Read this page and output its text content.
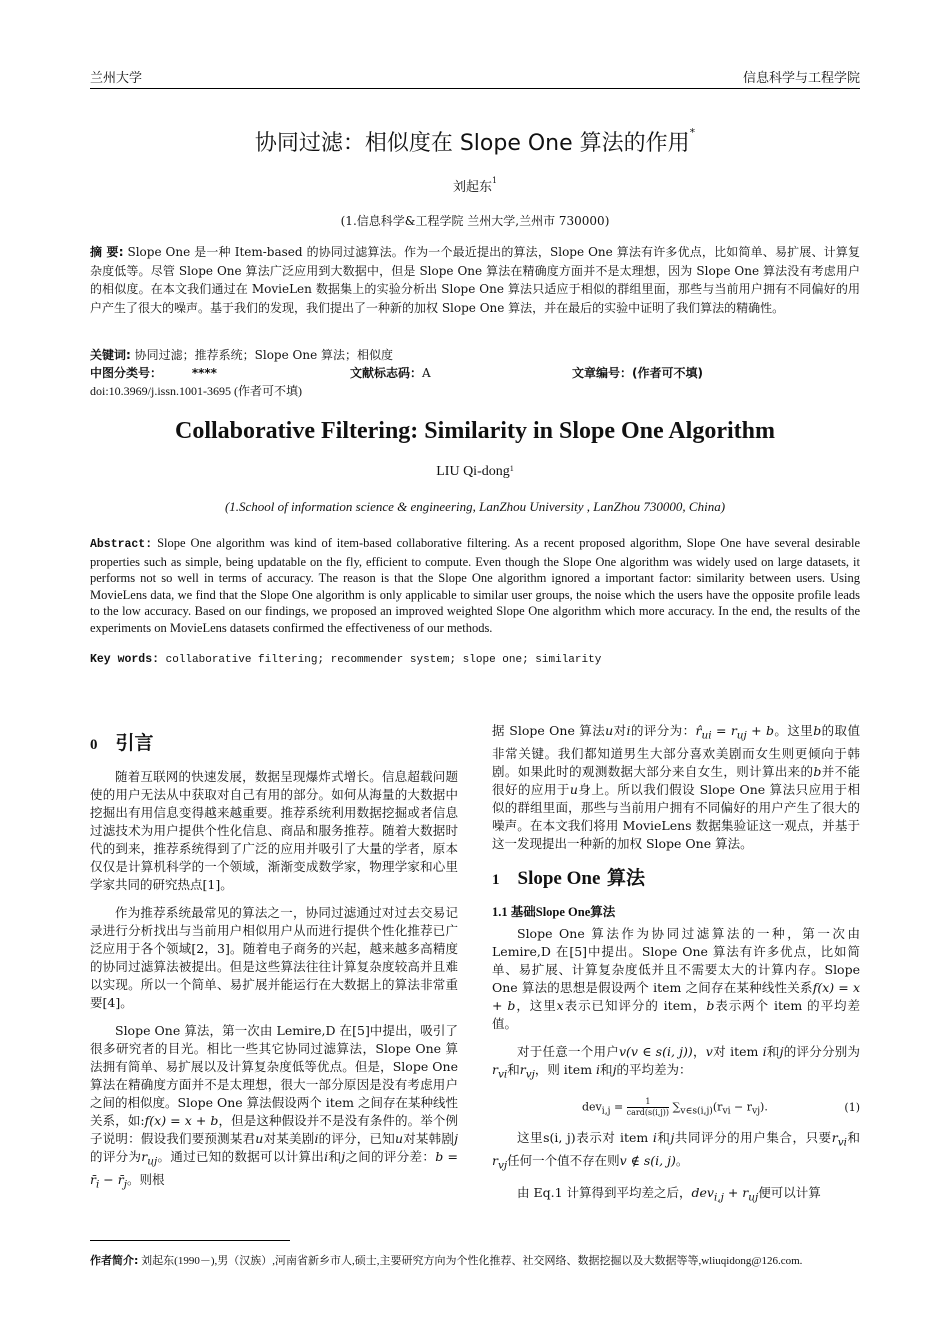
兰州大学	信息科学与工程学院
协同过滤：相似度在 Slope One 算法的作用*
刘起东$^1$
(1.信息科学&工程学院 兰州大学,兰州市 730000)
摘 要: Slope One 是一种 Item-based 的协同过滤算法。作为一个最近提出的算法，Slope One 算法有许多优点，比如简单、易扩展、计算复杂度低等。尽管 Slope One 算法广泛应用到大数据中，但是 Slope One 算法在精确度方面并不是太理想，因为 Slope One 算法没有考虑用户的相似度。在本文我们通过在 MovieLen 数据集上的实验分析出 Slope One 算法只适应于相似的群组里面，那些与当前用户拥有不同偏好的用户产生了很大的噪声。基于我们的发现，我们提出了一种新的加权 Slope One 算法，并在最后的实验中证明了我们算法的精确性。
关键词: 协同过滤；推荐系统；Slope One 算法；相似度
中图分类号： ****	文献标志码：A	文章编号：(作者可不填)
doi:10.3969/j.issn.1001-3695 (作者可不填)
Collaborative Filtering: Similarity in Slope One Algorithm
LIU Qi-dong$^1$
(1.School of information science & engineering, LanZhou University , LanZhou 730000, China)
Abstract: Slope One algorithm was kind of item-based collaborative filtering. As a recent proposed algorithm, Slope One have several desirable properties such as simple, being updatable on the fly, efficient to compute. Even though the Slope One algorithm was widely used on large datasets, it performs not so well in terms of accuracy. The reason is that the Slope One algorithm ignored a important factor: similarity between users. Using MovieLens data, we find that the Slope One algorithm is only applicable to similar user groups, the noise which the users have the opposite profile leads to the low accuracy. Based on our findings, we proposed an improved weighted Slope One algorithm which more accuracy. In the end, the results of the experiments on MovieLens datasets confirmed the effectiveness of our methods.
Key words: collaborative filtering; recommender system; slope one; similarity
0 引言

随着互联网的快速发展，数据呈现爆炸式增长。信息超载问题使的用户无法从中获取对自己有用的部分。如何从海量的大数据中挖掘出有用信息变得越来越重要。推荐系统利用数据挖掘或者信息过滤技术为用户提供个性化信息、商品和服务推荐。随着大数据时代的到来，推荐系统得到了广泛的应用并吸引了大量的学者，原本仅仅是计算机科学的一个领域，渐渐变成数学家，物理学家和心里学家共同的研究热点[1]。

作为推荐系统最常见的算法之一，协同过滤通过对过去交易记录进行分析找出与当前用户相似用户从而进行提供个性化推荐已广泛应用于各个领域[2，3]。随着电子商务的兴起，越来越多高精度的协同过滤算法被提出。但是这些算法往往计算复杂度较高并且难以实现。所以一个简单、易扩展并能运行在大数据上的算法非常重要[4]。

Slope One 算法，第一次由 Lemire,D 在[5]中提出，吸引了很多研究者的目光。相比一些其它协同过滤算法，Slope One 算法拥有简单、易扩展以及计算复杂度低等优点。但是，Slope One 算法在精确度方面并不是太理想，很大一部分原因是没有考虑用户之间的相似度。Slope One 算法假设两个 item 之间存在某种线性关系，如:f(x) = x + b，但是这种假设并不是没有条件的。举个例子说明：假设我们要预测某君u对某美剧i的评分，已知u对某韩剧j的评分为$r_{uj}$。通过已知的数据可以计算出i和j之间的评分差：$b = r̄_i$ − $r̄_j$。则根

据 Slope One 算法u对i的评分为：$r̂_{ui} = r_{uj} + b$。这里b的取值非常关键。我们都知道男生大部分喜欢美剧而女生则更倾向于韩剧。如果此时的观测数据大部分来自女生，则计算出来的b并不能很好的应用于u身上。所以我们假设 Slope One 算法只应用于相似的群组里面，那些与当前用户拥有不同偏好的用户产生了很大的噪声。在本文我们将用 MovieLens 数据集验证这一观点，并基于这一发现提出一种新的加权 Slope One 算法。

1 Slope One 算法
1.1 基础Slope One算法

Slope One 算法作为协同过滤算法的一种，第一次由 Lemire,D 在[5]中提出。Slope One 算法有许多优点，比如简单、易扩展、计算复杂度低并且不需要太大的计算内存。Slope One 算法的思想是假设两个 item 之间存在某种线性关系f(x) = x + b，这里x表示已知评分的 item，b表示两个 item 的平均差值。

对于任意一个用户v(v ∈ s(i, j))，v对 item i和j的评分分别为$r_{vi}$和$r_{vj}$，则 item i和j的平均差为：

$dev_{i,j} = \frac{1}{\text{card(s(i,j))}} \sum_{v\in s(i,j)}(r_{vi} - r_{vj})$.	(1)

这里s(i, j)表示对 item i和j共同评分的用户集合，只要$r_{vi}$和$r_{vj}$任何一个值不存在则v ∉ s(i, j)。

由 Eq.1 计算得到平均差之后，$dev_{i,j} + r_{uj}$便可以计算

作者简介: 刘起东(1990－),男（汉族）,河南省新乡市人,硕士,主要研究方向为个性化推荐、社交网络、数据挖掘以及大数据等等,wliuqidong@126.com.
